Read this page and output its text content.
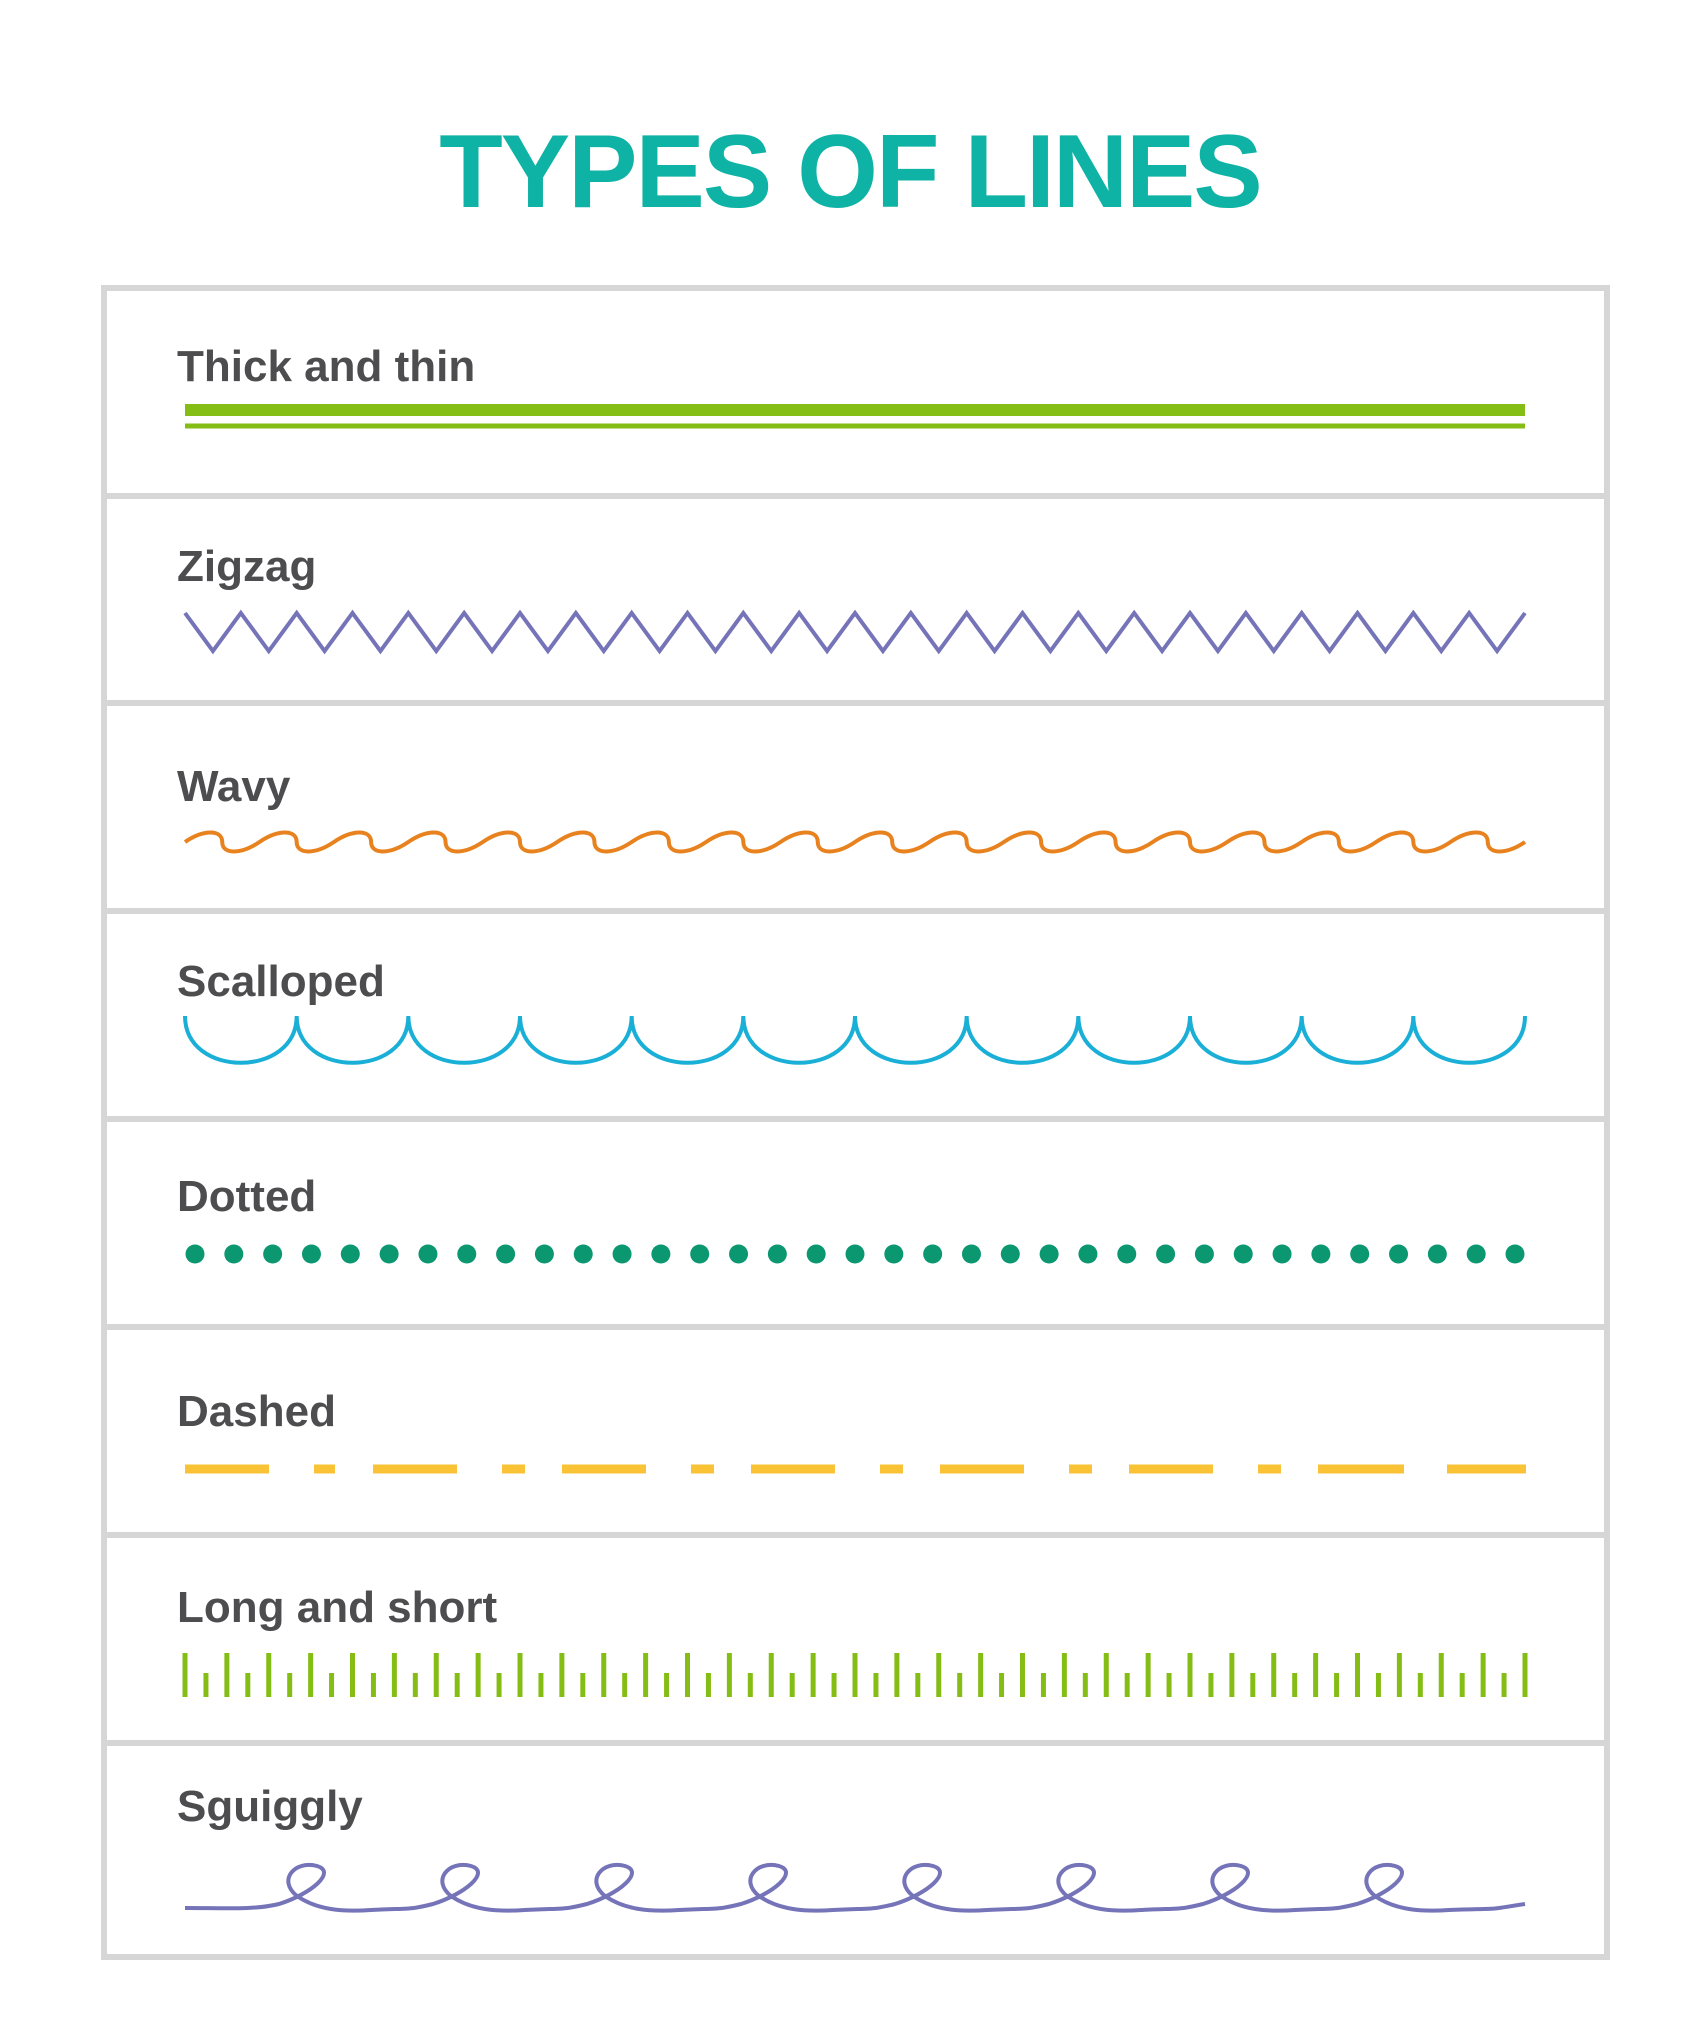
TYPES OF LINES
Thick and thin
Zigzag
Wavy
Scalloped
Dotted
Dashed
Long and short
Sguiggly
